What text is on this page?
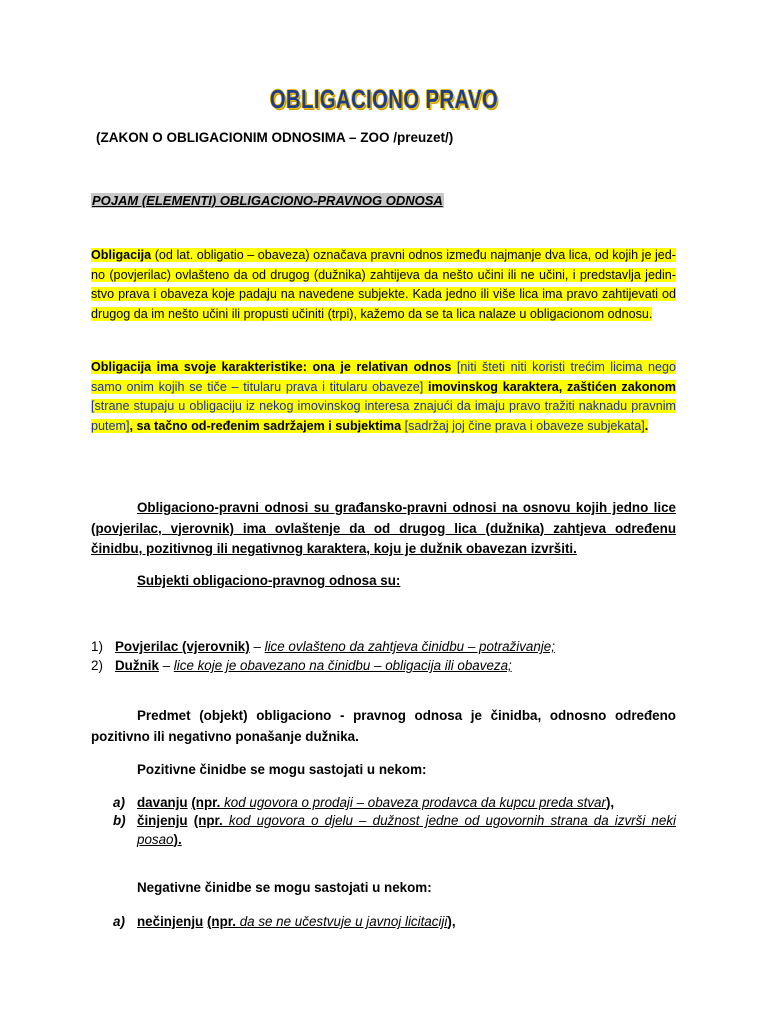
OBLIGACIONO PRAVO
(ZAKON O OBLIGACIONIM ODNOSIMA – ZOO /preuzet/)
POJAM (ELEMENTI) OBLIGACIONO-PRAVNOG ODNOSA
Obligacija (od lat. obligatio – obaveza) označava pravni odnos između najmanje dva lica, od kojih je jed-no (povjerilac) ovlašteno da od drugog (dužnika) zahtijeva da nešto učini ili ne učini, i predstavlja jedin-stvo prava i obaveza koje padaju na navedene subjekte. Kada jedno ili više lica ima pravo zahtijevati od drugog da im nešto učini ili propusti učiniti (trpi), kažemo da se ta lica nalaze u obligacionom odnosu.
Obligacija ima svoje karakteristike: ona je relativan odnos [niti šteti niti koristi trećim licima nego samo onim kojih se tiče – titularu prava i titularu obaveze] imovinskog karaktera, zaštićen zakonom [strane stupaju u obligaciju iz nekog imovinskog interesa znajući da imaju pravo tražiti naknadu pravnim putem], sa tačno od-ređenim sadržajem i subjektima [sadržaj joj čine prava i obaveze subjekata].
Obligaciono-pravni odnosi su građansko-pravni odnosi na osnovu kojih jedno lice (povjerilac, vjerovnik) ima ovlaštenje da od drugog lica (dužnika) zahtjeva određenu činidbu, pozitivnog ili negativnog karaktera, koju je dužnik obavezan izvršiti.
Subjekti obligaciono-pravnog odnosa su:
1) Povjerilac (vjerovnik) – lice ovlašteno da zahtjeva činidbu – potraživanje;
2) Dužnik – lice koje je obavezano na činidbu – obligacija ili obaveza;
Predmet (objekt) obligaciono - pravnog odnosa je činidba, odnosno određeno pozitivno ili negativno ponašanje dužnika.
Pozitivne činidbe se mogu sastojati u nekom:
a) davanju (npr. kod ugovora o prodaji – obaveza prodavca da kupcu preda stvar),
b) činjenju (npr. kod ugovora o djelu – dužnost jedne od ugovornih strana da izvrši neki posao).
Negativne činidbe se mogu sastojati u nekom:
a) nečinjenju (npr. da se ne učestvuje u javnoj licitaciji),
